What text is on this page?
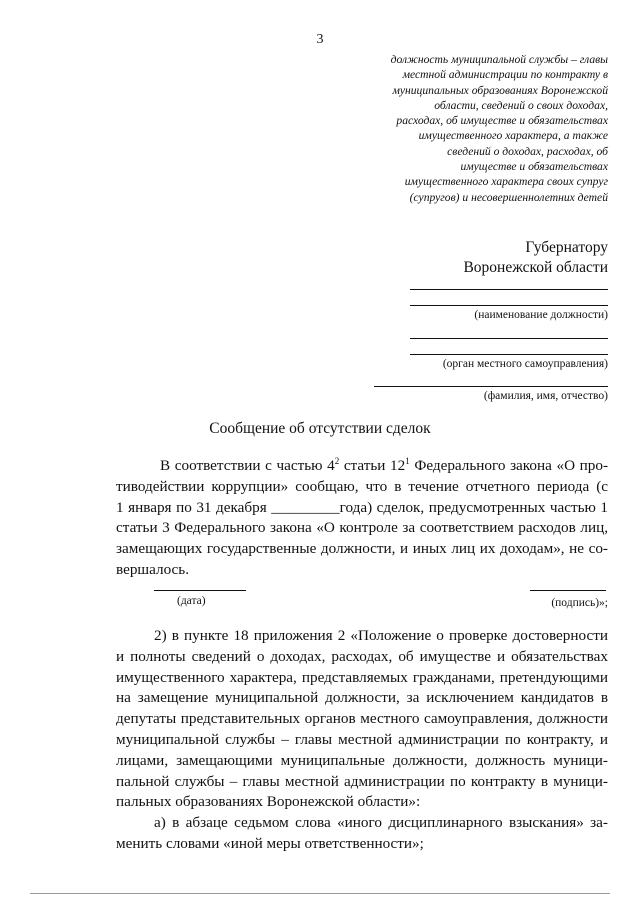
3
должность муниципальной службы – главы
местной администрации по контракту в
муниципальных образованиях Воронежской
области, сведений о своих доходах,
расходах, об имуществе и обязательствах
имущественного характера, а также
сведений о доходах, расходах, об
имуществе и обязательствах
имущественного характера своих супруг
(супругов) и несовершеннолетних детей
Губернатору
Воронежской области
(наименование должности)
(орган местного самоуправления)
(фамилия, имя, отчество)
Сообщение об отсутствии сделок
В соответствии с частью $4^2$ статьи $12^1$ Федерального закона «О про-
тиводействии коррупции» сообщаю, что в течение отчетного периода (с
1 января по 31 декабря _________года) сделок, предусмотренных частью 1
статьи 3 Федерального закона «О контроле за соответствием расходов лиц,
замещающих государственные должности, и иных лиц их доходам», не со-
вершалось.
(дата)	(подпись)»;
2) в пункте 18 приложения 2 «Положение о проверке достоверности
и полноты сведений о доходах, расходах, об имуществе и обязательствах
имущественного характера, представляемых гражданами, претендующими
на замещение муниципальной должности, за исключением кандидатов в
депутаты представительных органов местного самоуправления, должности
муниципальной службы – главы местной администрации по контракту, и
лицами, замещающими муниципальные должности, должность муници-
пальной службы – главы местной администрации по контракту в муници-
пальных образованиях Воронежской области»:
а) в абзаце седьмом слова «иного дисциплинарного взыскания» за-
менить словами «иной меры ответственности»;
